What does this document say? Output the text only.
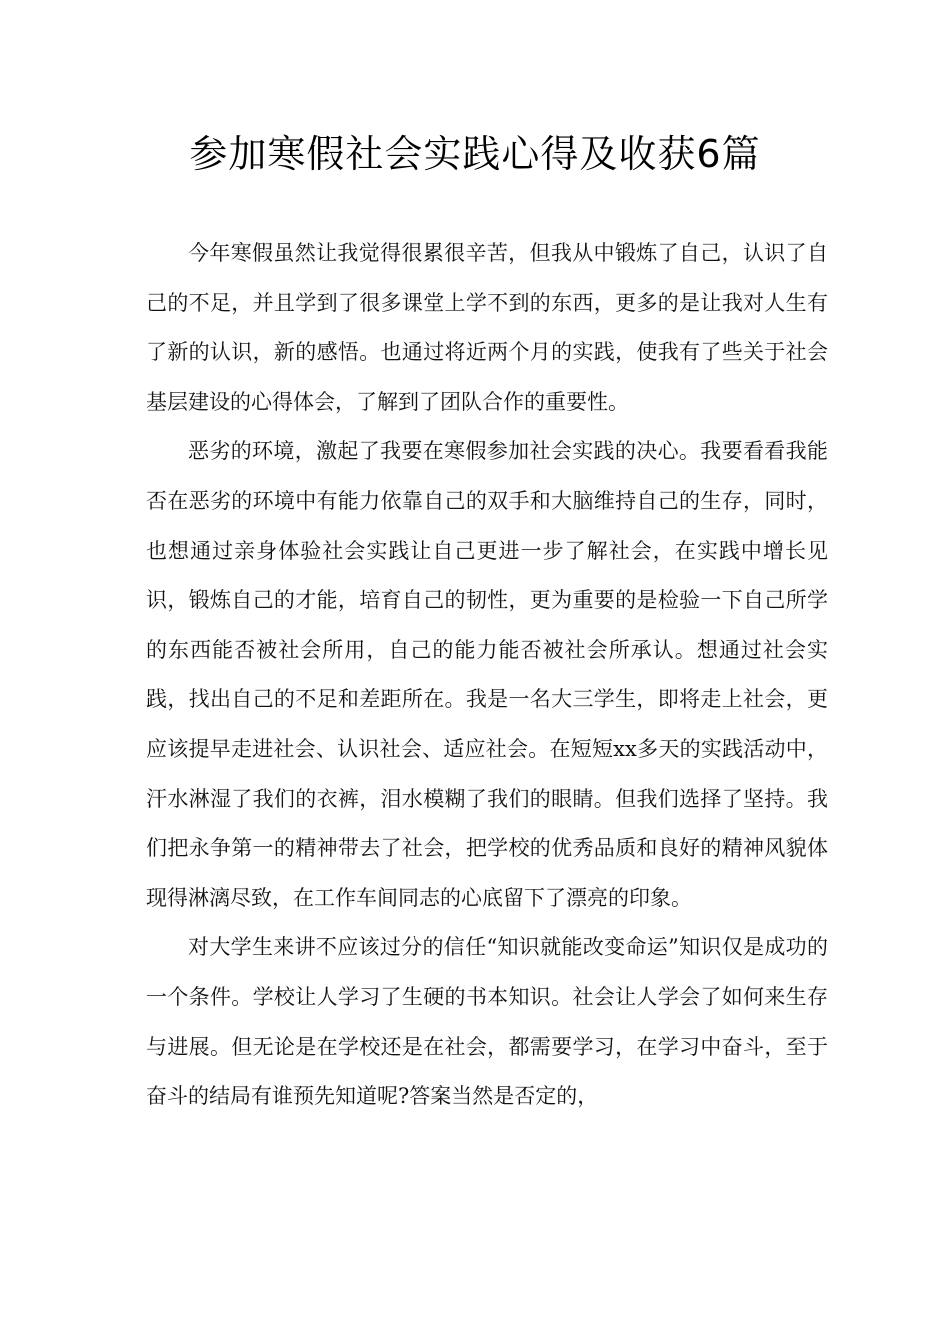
参加寒假社会实践心得及收获6篇

今年寒假虽然让我觉得很累很辛苦，但我从中锻炼了自己，认识了自己的不足，并且学到了很多课堂上学不到的东西，更多的是让我对人生有了新的认识，新的感悟。也通过将近两个月的实践，使我有了些关于社会基层建设的心得体会，了解到了团队合作的重要性。

恶劣的环境，激起了我要在寒假参加社会实践的决心。我要看看我能否在恶劣的环境中有能力依靠自己的双手和大脑维持自己的生存，同时，也想通过亲身体验社会实践让自己更进一步了解社会，在实践中增长见识，锻炼自己的才能，培育自己的韧性，更为重要的是检验一下自己所学的东西能否被社会所用，自己的能力能否被社会所承认。想通过社会实践，找出自己的不足和差距所在。我是一名大三学生，即将走上社会，更应该提早走进社会、认识社会、适应社会。在短短xx多天的实践活动中，汗水淋湿了我们的衣裤，泪水模糊了我们的眼睛。但我们选择了坚持。我们把永争第一的精神带去了社会，把学校的优秀品质和良好的精神风貌体现得淋漓尽致，在工作车间同志的心底留下了漂亮的印象。

对大学生来讲不应该过分的信任“知识就能改变命运”知识仅是成功的一个条件。学校让人学习了生硬的书本知识。社会让人学会了如何来生存与进展。但无论是在学校还是在社会，都需要学习，在学习中奋斗，至于奋斗的结局有谁预先知道呢?答案当然是否定的，
